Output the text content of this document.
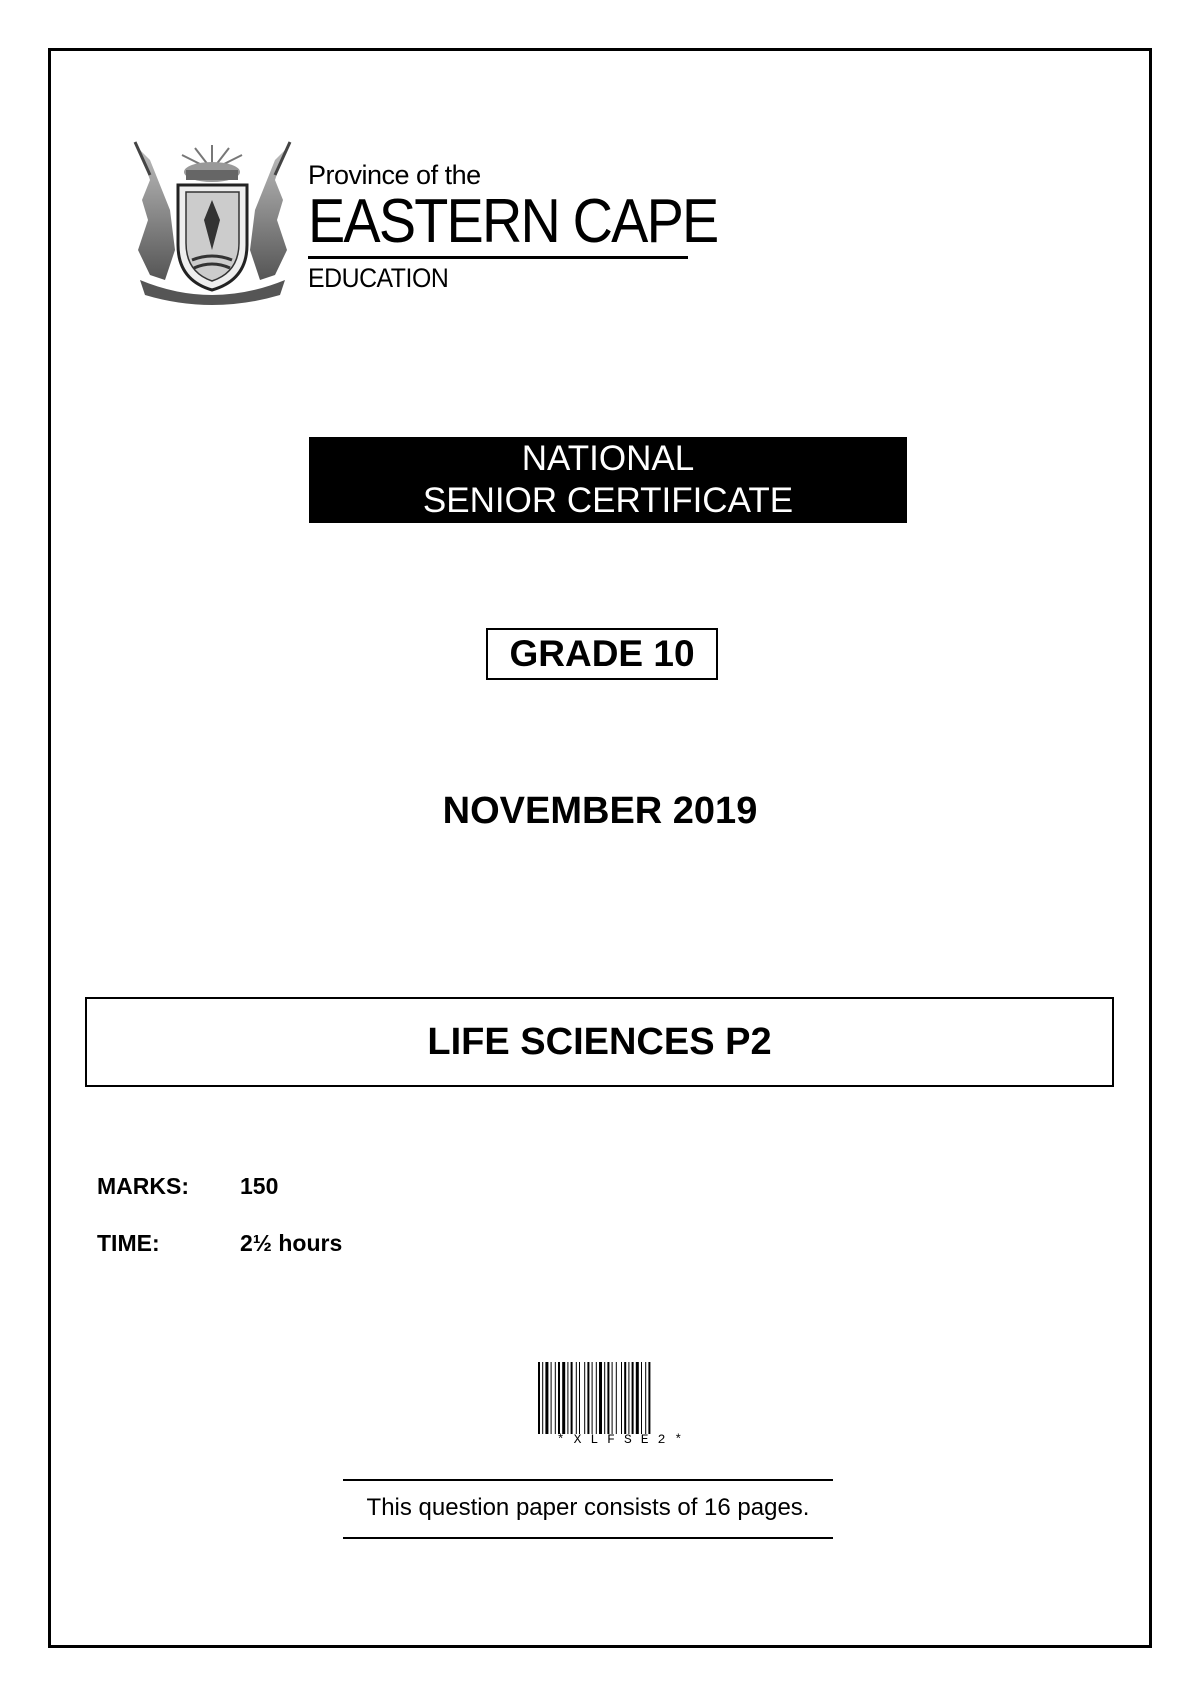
Province of the
EASTERN CAPE
EDUCATION
NATIONAL
SENIOR CERTIFICATE
GRADE 10
NOVEMBER 2019
LIFE SCIENCES P2
MARKS: 150
TIME:	2½ hours
*XLFSE2*
This question paper consists of 16 pages.
